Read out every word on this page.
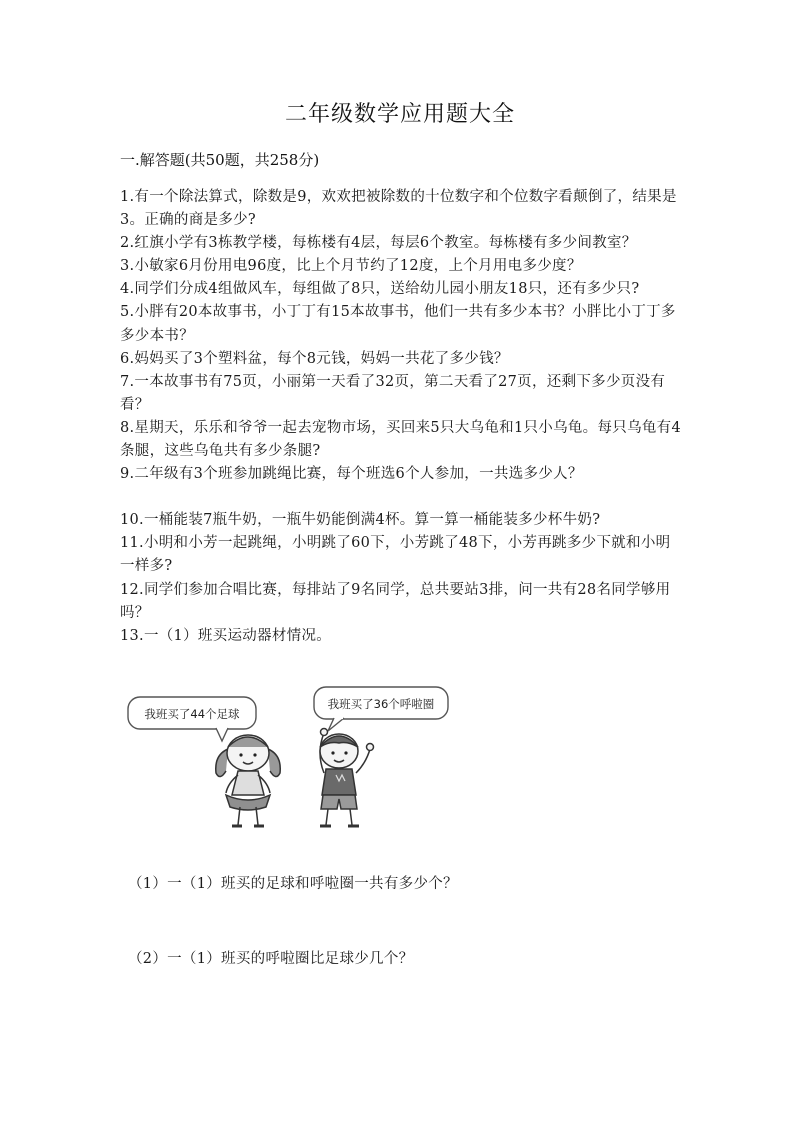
二年级数学应用题大全
一.解答题(共50题，共258分)

1.有一个除法算式，除数是9，欢欢把被除数的十位数字和个位数字看颠倒了，结果是3。正确的商是多少?

2.红旗小学有3栋教学楼，每栋楼有4层，每层6个教室。每栋楼有多少间教室？

3.小敏家6月份用电96度，比上个月节约了12度，上个月用电多少度？

4.同学们分成4组做风车，每组做了8只，送给幼儿园小朋友18只，还有多少只?

5.小胖有20本故事书，小丁丁有15本故事书，他们一共有多少本书？小胖比小丁丁多多少本书？

6.妈妈买了3个塑料盆，每个8元钱，妈妈一共花了多少钱？

7.一本故事书有75页，小丽第一天看了32页，第二天看了27页，还剩下多少页没有看？

8.星期天，乐乐和爷爷一起去宠物市场，买回来5只大乌龟和1只小乌龟。每只乌龟有4条腿，这些乌龟共有多少条腿?

9.二年级有3个班参加跳绳比赛，每个班选6个人参加，一共选多少人？

10.一桶能装7瓶牛奶，一瓶牛奶能倒满4杯。算一算一桶能装多少杯牛奶?

11.小明和小芳一起跳绳，小明跳了60下，小芳跳了48下，小芳再跳多少下就和小明一样多?

12.同学们参加合唱比赛，每排站了9名同学，总共要站3排，问一共有28名同学够用吗？

13.一（1）班买运动器材情况。

我班买了44个足球
我班买了36个呼啦圈
（1）一（1）班买的足球和呼啦圈一共有多少个？
（2）一（1）班买的呼啦圈比足球少几个？
